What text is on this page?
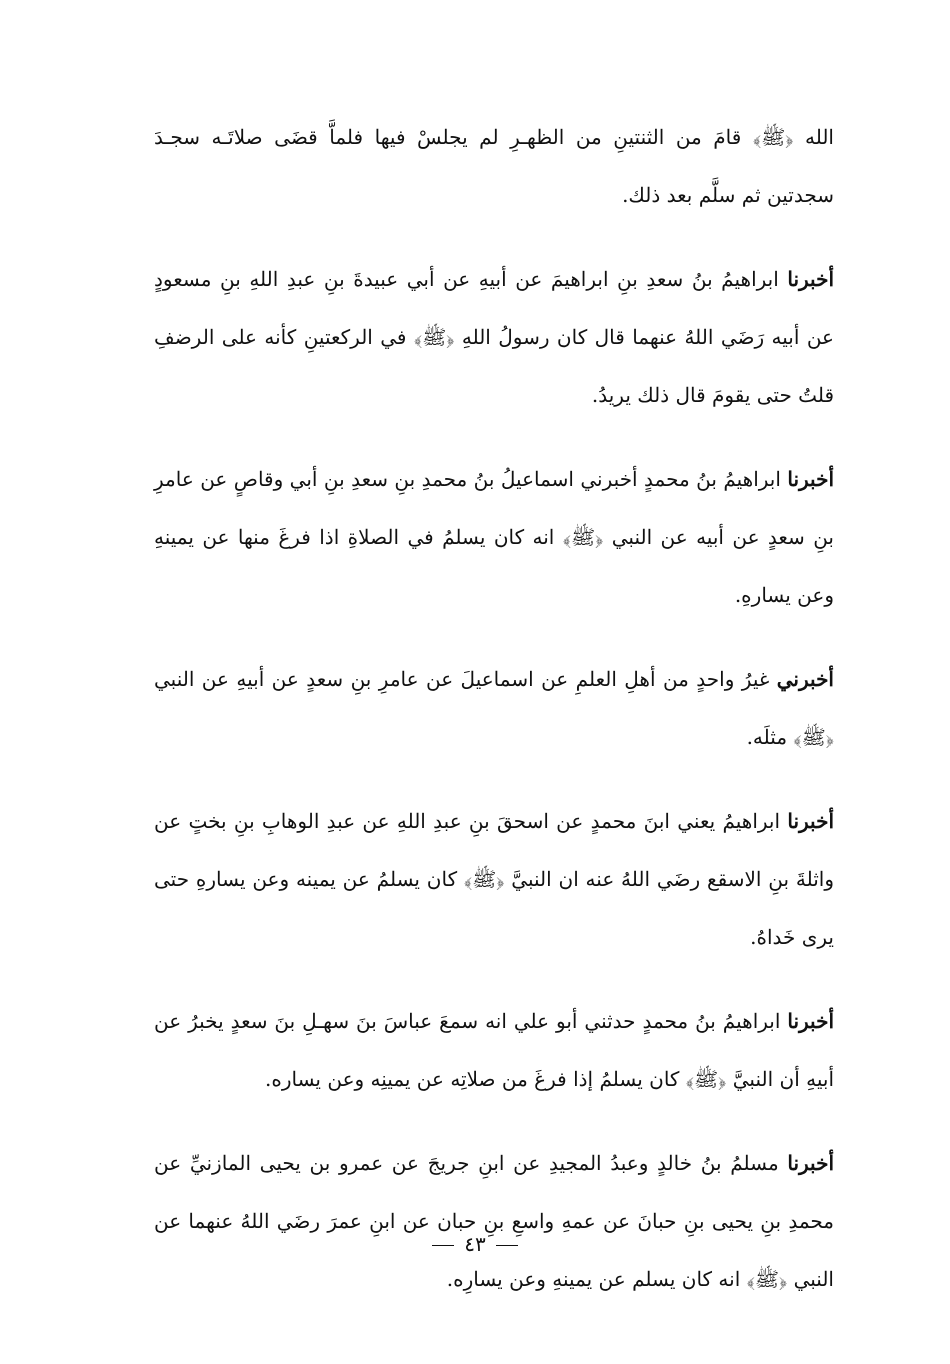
الله ﴿ﷺ﴾ قامَ من الثنتينِ من الظهـرِ لم يجلسْ فيها فلماَّ قضَى صلاتَـه سجـدَ سجدتين ثم سلَّم بعد ذلك.

أخبرنا ابراهيمُ بنُ سعدِ بنِ ابراهيمَ عن أبيهِ عن أبي عبيدةَ بنِ عبدِ اللهِ بنِ مسعودٍ عن أبيه رَضَي اللهُ عنهما قال كان رسولُ اللهِ ﴿ﷺ﴾ في الركعتينِ كأنه على الرضفِ قلتُ حتى يقومَ قال ذلك يريدُ.

أخبرنا ابراهيمُ بنُ محمدٍ أخبرني اسماعيلُ بنُ محمدِ بنِ سعدِ بنِ أبي وقاصٍ عن عامرِ بنِ سعدٍ عن أبيه عن النبي ﴿ﷺ﴾ انه كان يسلمُ في الصلاةِ اذا فرغَ منها عن يمينهِ وعن يسارهِ.

أخبرني غيرُ واحدٍ من أهلِ العلمِ عن اسماعيلَ عن عامرِ بنِ سعدٍ عن أبيهِ عن النبي ﴿ﷺ﴾ مثلَه.

أخبرنا ابراهيمُ يعني ابنَ محمدٍ عن اسحقَ بنِ عبدِ اللهِ عن عبدِ الوهابِ بنِ بختٍ عن واثلةَ بنِ الاسقع رضَي اللهُ عنه ان النبيَّ ﴿ﷺ﴾ كان يسلمُ عن يمينه وعن يسارهِ حتى يرى خَداهُ.

أخبرنا ابراهيمُ بنُ محمدٍ حدثني أبو علي انه سمعَ عباسَ بنَ سهـلِ بنَ سعدٍ يخبرُ عن أبيهِ أن النبيَّ ﴿ﷺ﴾ كان يسلمُ إذا فرغَ من صلاتِه عن يمينِه وعن يساره.

أخبرنا مسلمُ بنُ خالدٍ وعبدُ المجيدِ عن ابنِ جريجَ عن عمرو بن يحيى المازنيِّ عن محمدِ بنِ يحيى بنِ حبانَ عن عمهِ واسعِ بنِ حبان عن ابنِ عمرَ رضَي اللهُ عنهما عن النبي ﴿ﷺ﴾ انه كان يسلم عن يمينهِ وعن يسارِه.

٤٣
